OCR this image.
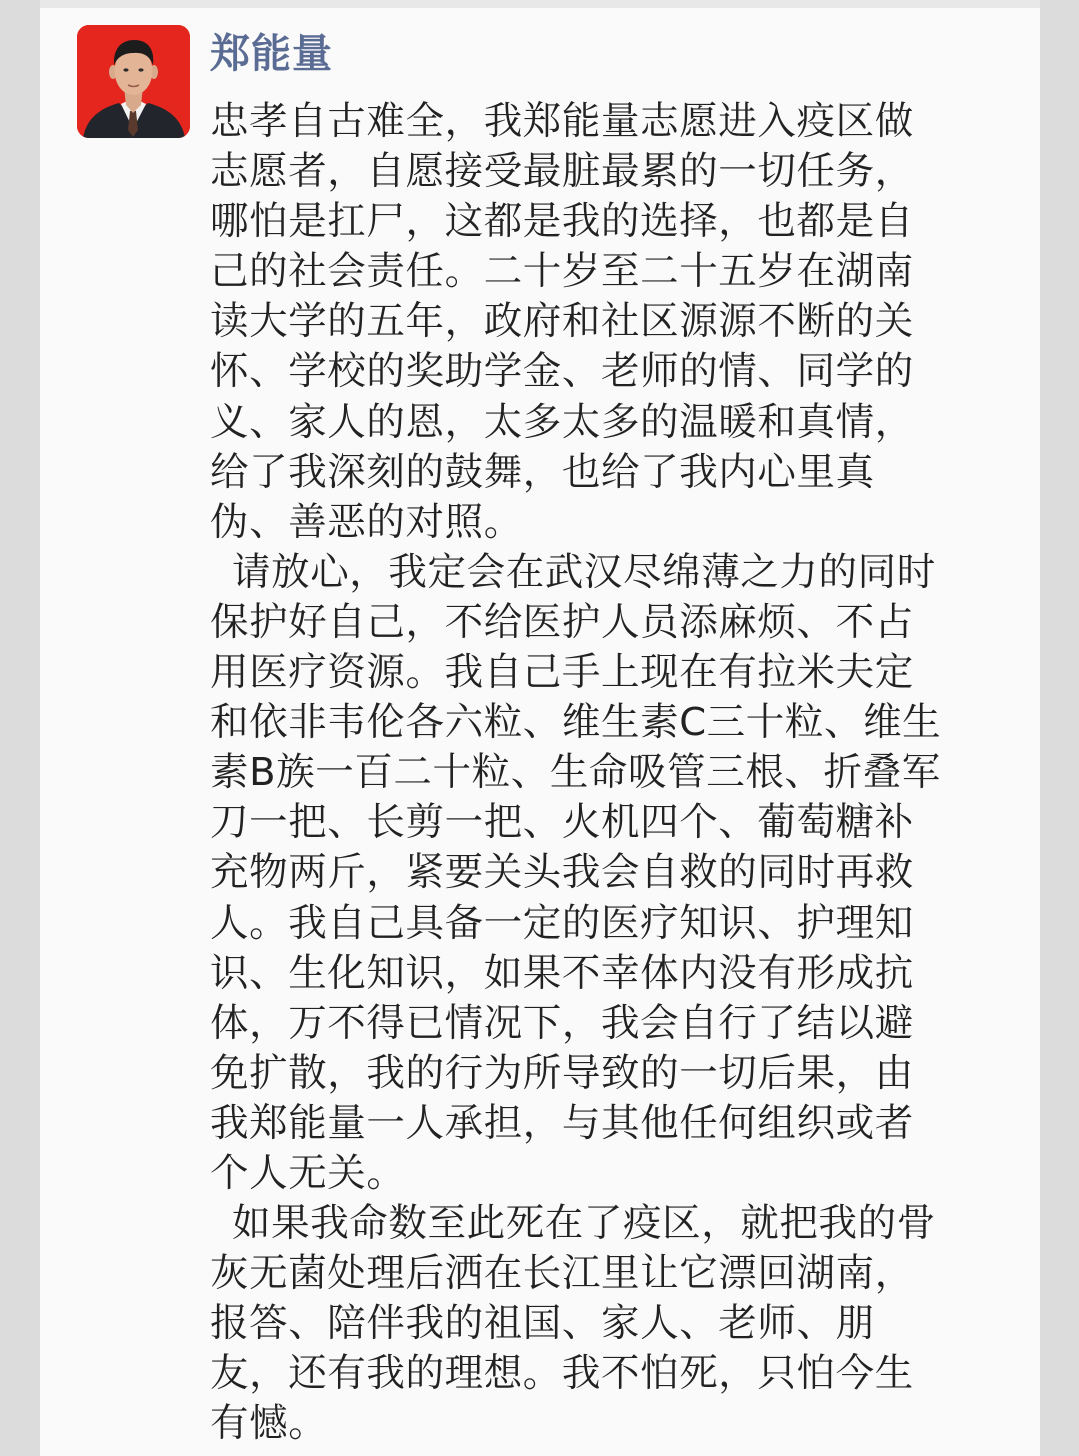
郑能量
忠孝自古难全，我郑能量志愿进入疫区做
志愿者，自愿接受最脏最累的一切任务，
哪怕是扛尸，这都是我的选择，也都是自
己的社会责任。二十岁至二十五岁在湖南
读大学的五年，政府和社区源源不断的关
怀、学校的奖助学金、老师的情、同学的
义、家人的恩，太多太多的温暖和真情，
给了我深刻的鼓舞，也给了我内心里真
伪、善恶的对照。
请放心，我定会在武汉尽绵薄之力的同时
保护好自己，不给医护人员添麻烦、不占
用医疗资源。我自己手上现在有拉米夫定
和依非韦伦各六粒、维生素C三十粒、维生
素B族一百二十粒、生命吸管三根、折叠军
刀一把、长剪一把、火机四个、葡萄糖补
充物两斤，紧要关头我会自救的同时再救
人。我自己具备一定的医疗知识、护理知
识、生化知识，如果不幸体内没有形成抗
体，万不得已情况下，我会自行了结以避
免扩散，我的行为所导致的一切后果，由
我郑能量一人承担，与其他任何组织或者
个人无关。
如果我命数至此死在了疫区，就把我的骨
灰无菌处理后洒在长江里让它漂回湖南，
报答、陪伴我的祖国、家人、老师、朋
友，还有我的理想。我不怕死，只怕今生
有憾。
